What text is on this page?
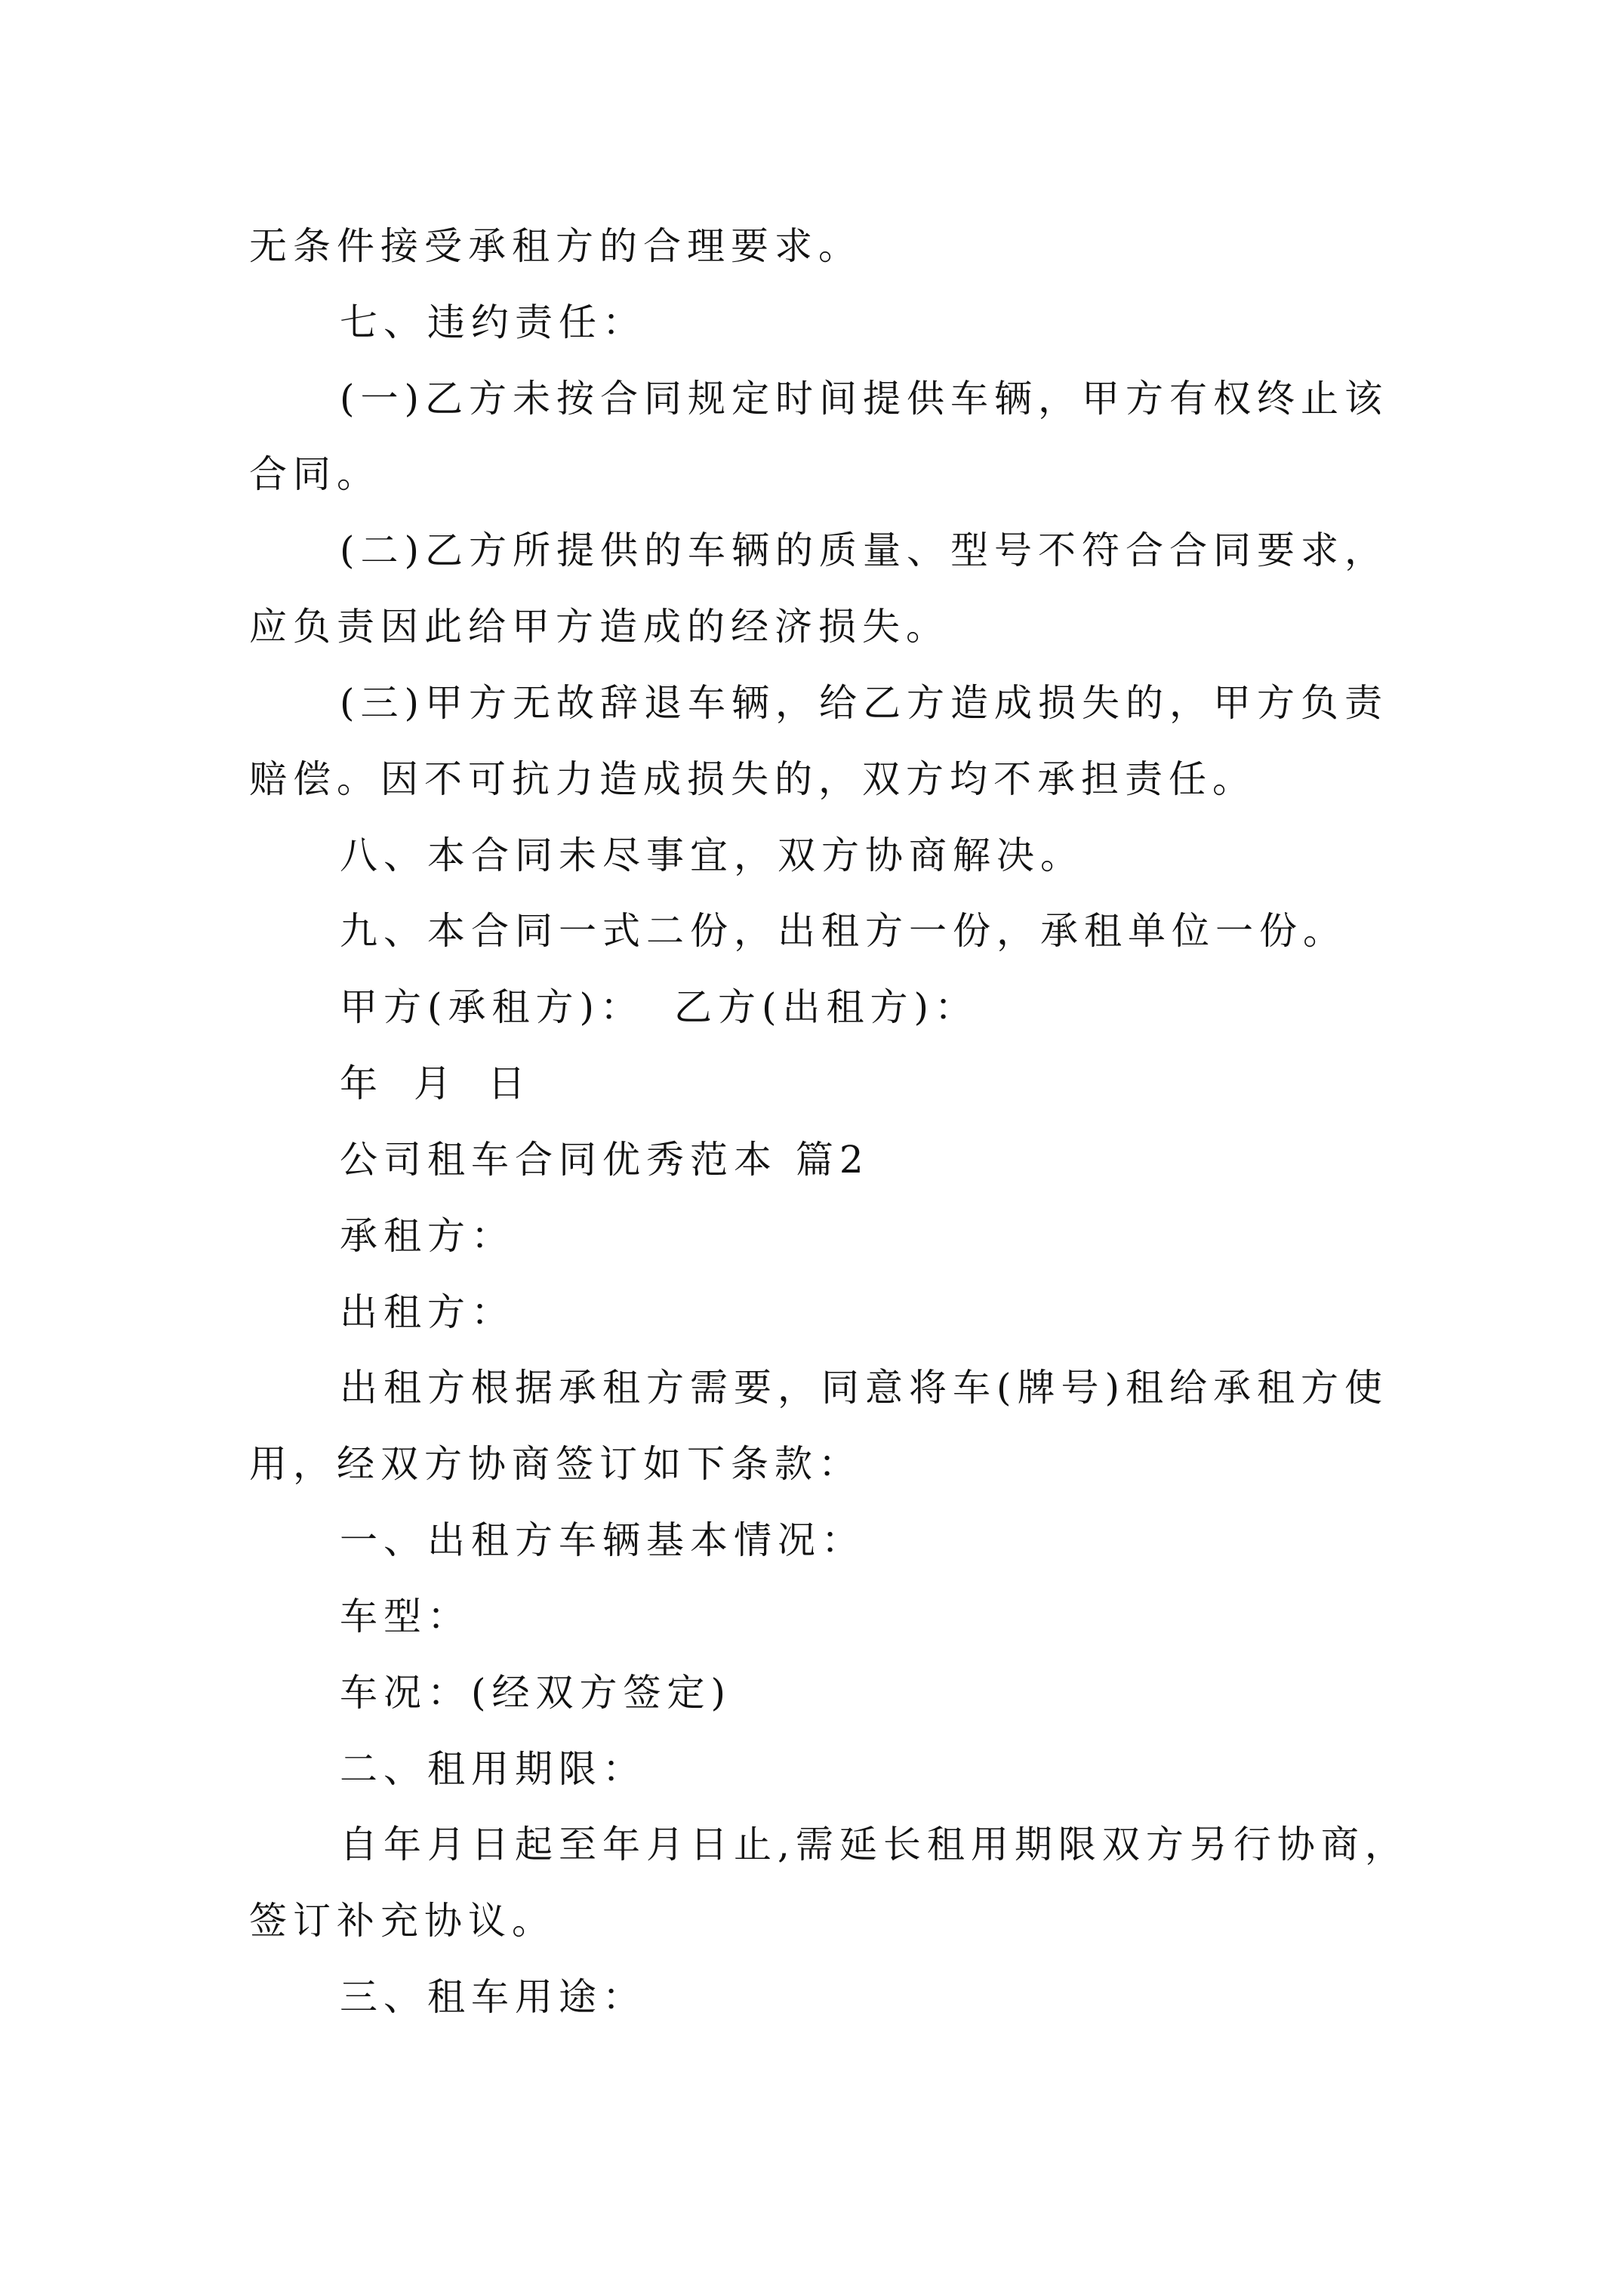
无条件接受承租方的合理要求。
七、违约责任：
(一)乙方未按合同规定时间提供车辆，甲方有权终止该
合同。
(二)乙方所提供的车辆的质量、型号不符合合同要求，
应负责因此给甲方造成的经济损失。
(三)甲方无故辞退车辆，给乙方造成损失的，甲方负责
赔偿。因不可抗力造成损失的，双方均不承担责任。
八、本合同未尽事宜，双方协商解决。
九、本合同一式二份，出租方一份，承租单位一份。
甲方(承租方)： 乙方(出租方)：
年 月 日
公司租车合同优秀范本 篇2
承租方：
出租方：
出租方根据承租方需要，同意将车(牌号)租给承租方使
用，经双方协商签订如下条款：
一、出租方车辆基本情况：
车型：
车况：(经双方签定)
二、租用期限：
自年月日起至年月日止,需延长租用期限双方另行协商，
签订补充协议。
三、租车用途：
